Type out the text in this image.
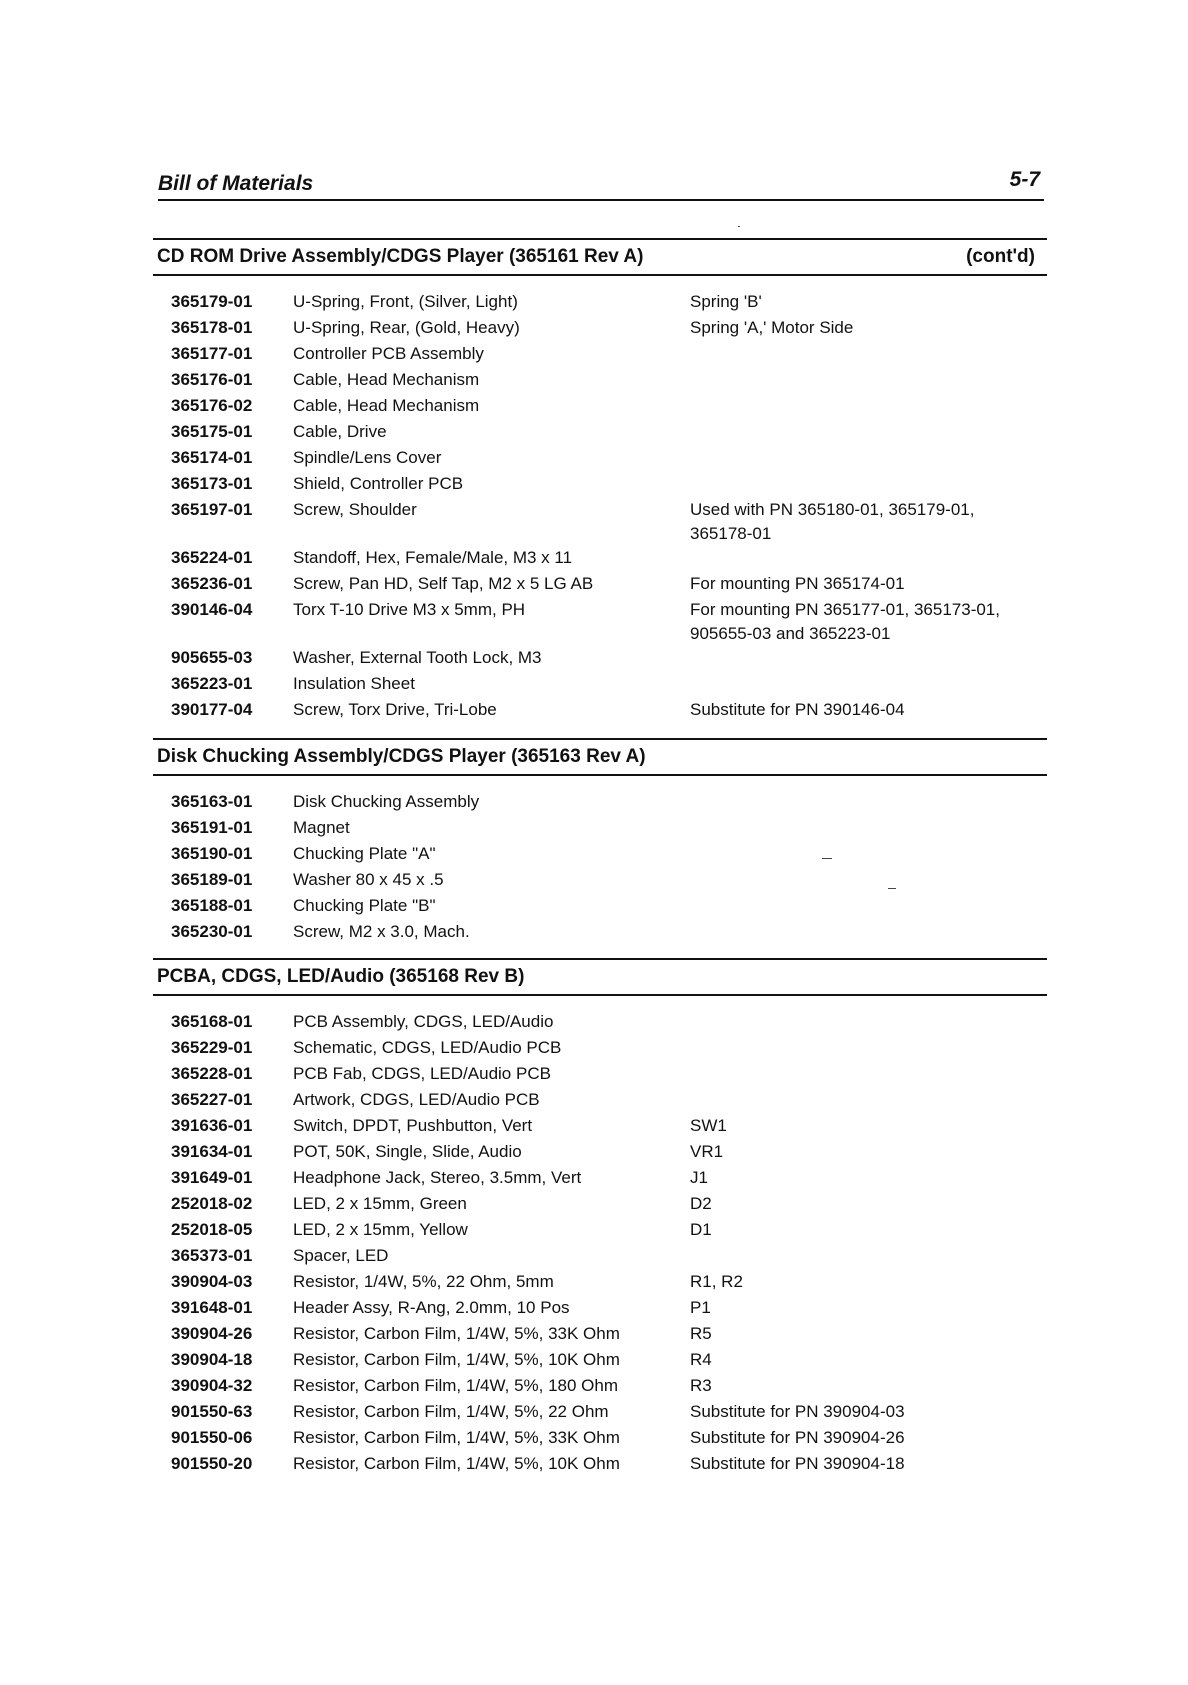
Bill of Materials	5-7
CD ROM Drive Assembly/CDGS Player (365161 Rev A)	(cont'd)
365179-01	U-Spring, Front, (Silver, Light)	Spring 'B'
365178-01	U-Spring, Rear, (Gold, Heavy)	Spring 'A,' Motor Side
365177-01	Controller PCB Assembly
365176-01	Cable, Head Mechanism
365176-02	Cable, Head Mechanism
365175-01	Cable, Drive
365174-01	Spindle/Lens Cover
365173-01	Shield, Controller PCB
365197-01	Screw, Shoulder	Used with PN 365180-01, 365179-01, 365178-01
365224-01	Standoff, Hex, Female/Male, M3 x 11
365236-01	Screw, Pan HD, Self Tap, M2 x 5 LG AB	For mounting PN 365174-01
390146-04	Torx T-10 Drive M3 x 5mm, PH	For mounting PN 365177-01, 365173-01, 905655-03 and 365223-01
905655-03	Washer, External Tooth Lock, M3
365223-01	Insulation Sheet
390177-04	Screw, Torx Drive, Tri-Lobe	Substitute for PN 390146-04
Disk Chucking Assembly/CDGS Player (365163 Rev A)
365163-01	Disk Chucking Assembly
365191-01	Magnet
365190-01	Chucking Plate "A"
365189-01	Washer 80 x 45 x .5
365188-01	Chucking Plate "B"
365230-01	Screw, M2 x 3.0, Mach.
PCBA, CDGS, LED/Audio (365168 Rev B)
365168-01	PCB Assembly, CDGS, LED/Audio
365229-01	Schematic, CDGS, LED/Audio PCB
365228-01	PCB Fab, CDGS, LED/Audio PCB
365227-01	Artwork, CDGS, LED/Audio PCB
391636-01	Switch, DPDT, Pushbutton, Vert	SW1
391634-01	POT, 50K, Single, Slide, Audio	VR1
391649-01	Headphone Jack, Stereo, 3.5mm, Vert	J1
252018-02	LED, 2 x 15mm, Green	D2
252018-05	LED, 2 x 15mm, Yellow	D1
365373-01	Spacer, LED
390904-03	Resistor, 1/4W, 5%, 22 Ohm, 5mm	R1, R2
391648-01	Header Assy, R-Ang, 2.0mm, 10 Pos	P1
390904-26	Resistor, Carbon Film, 1/4W, 5%, 33K Ohm	R5
390904-18	Resistor, Carbon Film, 1/4W, 5%, 10K Ohm	R4
390904-32	Resistor, Carbon Film, 1/4W, 5%, 180 Ohm	R3
901550-63	Resistor, Carbon Film, 1/4W, 5%, 22 Ohm	Substitute for PN 390904-03
901550-06	Resistor, Carbon Film, 1/4W, 5%, 33K Ohm	Substitute for PN 390904-26
901550-20	Resistor, Carbon Film, 1/4W, 5%, 10K Ohm	Substitute for PN 390904-18
